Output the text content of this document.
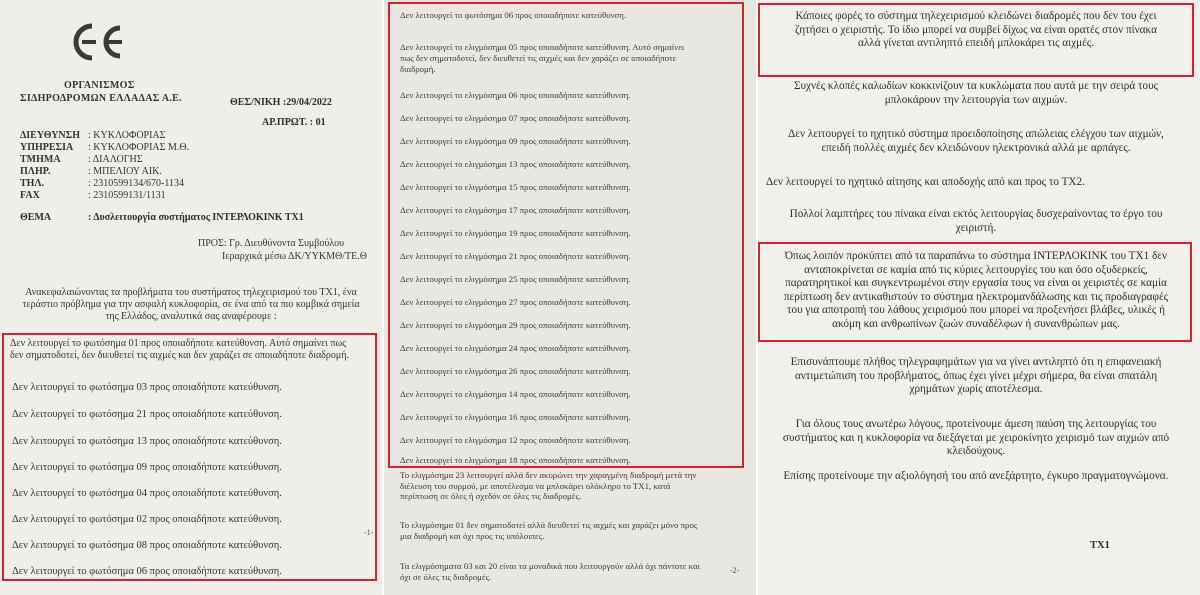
ΟΡΓΑΝΙΣΜΟΣ
ΣΙΔΗΡΟΔΡΟΜΩΝ ΕΛΛΑΔΑΣ Α.Ε.	ΘΕΣ/ΝΙΚΗ :29/04/2022
ΑΡ.ΠΡΩΤ. : 01
ΔΙΕΥΘΥΝΣΗ : ΚΥΚΛΟΦΟΡΙΑΣ
ΥΠΗΡΕΣΙΑ : ΚΥΚΛΟΦΟΡΙΑΣ Μ.Θ.
ΤΜΗΜΑ	: ΔΙΑΛΟΓΗΣ
ΠΛΗΡ.	: ΜΠΕΛΙΟΥ ΑΙΚ.
ΤΗΛ.	: 2310599134/670-1134
FAX	: 2310599131/1131
ΘΕΜΑ	: Δυσλειτουργία συστήματος ΙΝΤΕΡΛΟΚΙΝΚ ΤΧ1
ΠΡΟΣ: Γρ. Διευθύνοντα Συμβούλου
Ιεραρχικά μέσω ΔΚ/ΥΥΚΜΘ/ΤΕ.Θ
Ανακεφαλαιώνοντας τα προβλήματα του συστήματος τηλεχειρισμού του ΤΧ1, ένα
τεράστιο πρόβλημα για την ασφαλή κυκλοφορία, σε ένα από τα πιο κομβικά σημεία
της Ελλάδος, αναλυτικά σας αναφέρουμε :
Δεν λειτουργεί το φωτόσημα 01 προς οποιαδήποτε κατεύθυνση. Αυτό σημαίνει πως
δεν σηματοδοτεί, δεν διευθετεί τις αιχμές και δεν χαράζει σε οποιαδήποτε διαδρομή.
Δεν λειτουργεί το φωτόσημα 03 προς οποιαδήποτε κατεύθυνση.
Δεν λειτουργεί το φωτόσημα 21 προς οποιαδήποτε κατεύθυνση.
Δεν λειτουργεί το φωτόσημα 13 προς οποιαδήποτε κατεύθυνση.
Δεν λειτουργεί το φωτόσημα 09 προς οποιαδήποτε κατεύθυνση.
Δεν λειτουργεί το φωτόσημα 04 προς οποιαδήποτε κατεύθυνση.
Δεν λειτουργεί το φωτόσημα 02 προς οποιαδήποτε κατεύθυνση.
Δεν λειτουργεί το φωτόσημα 08 προς οποιαδήποτε κατεύθυνση.
Δεν λειτουργεί το φωτόσημα 06 προς οποιαδήποτε κατεύθυνση.
-1-
Δεν λειτουργεί το φωτόσημα 06 προς οποιαδήποτε κατεύθυνση.
Δεν λειτουργεί το ελιγμόσημα 05 προς οποιαδήποτε κατεύθυνση. Αυτό σημαίνει
πως δεν σηματοδοτεί, δεν διευθετεί τις αιχμές και δεν χαράζει σε οποιαδήποτε
διαδρομή.
Δεν λειτουργεί το ελιγμόσημα 06 προς οποιαδήποτε κατεύθυνση.
Δεν λειτουργεί το ελιγμόσημα 07 προς οποιαδήποτε κατεύθυνση.
Δεν λειτουργεί το ελιγμόσημα 09 προς οποιαδήποτε κατεύθυνση.
Δεν λειτουργεί το ελιγμόσημα 13 προς οποιαδήποτε κατεύθυνση.
Δεν λειτουργεί το ελιγμόσημα 15 προς οποιαδήποτε κατεύθυνση.
Δεν λειτουργεί το ελιγμόσημα 17 προς οποιαδήποτε κατεύθυνση.
Δεν λειτουργεί το ελιγμόσημα 19 προς οποιαδήποτε κατεύθυνση.
Δεν λειτουργεί το ελιγμόσημα 21 προς οποιαδήποτε κατεύθυνση.
Δεν λειτουργεί το ελιγμόσημα 25 προς οποιαδήποτε κατεύθυνση.
Δεν λειτουργεί το ελιγμόσημα 27 προς οποιαδήποτε κατεύθυνση.
Δεν λειτουργεί το ελιγμόσημα 29 προς οποιαδήποτε κατεύθυνση.
Δεν λειτουργεί το ελιγμόσημα 24 προς οποιαδήποτε κατεύθυνση.
Δεν λειτουργεί το ελιγμόσημα 26 προς οποιαδήποτε κατεύθυνση.
Δεν λειτουργεί το ελιγμόσημα 14 προς οποιαδήποτε κατεύθυνση.
Δεν λειτουργεί το ελιγμόσημα 16 προς οποιαδήποτε κατεύθυνση.
Δεν λειτουργεί το ελιγμόσημα 12 προς οποιαδήποτε κατεύθυνση.
Δεν λειτουργεί το ελιγμόσημα 18 προς οποιαδήποτε κατεύθυνση.
Το ελιγμόσημα 23 λειτουργεί αλλά δεν ακυρώνει την χαραγμένη διαδρομή μετά την
διέλευση του συρμού, με αποτέλεσμα να μπλοκάρει ολόκληρο το ΤΧ1, κατά
περίπτωση σε όλες ή σχεδόν σε όλες τις διαδρομές.
Το ελιγμόσημα 01 δεν σηματοδοτεί αλλά διευθετεί τις αιχμές και χαράζει μόνο προς
μια διαδρομή και όχι προς τις υπόλοιπες.
Τα ελιγμόσηματα 03 και 20 είναι τα μοναδικά που λειτουργούν αλλά όχι πάντοτε και
όχι σε όλες τις διαδρομές.
-2-
Κάποιες φορές το σύστημα τηλεχειρισμού κλειδώνει διαδρομές που δεν του έχει
ζητήσει ο χειριστής. Το ίδιο μπορεί να συμβεί δίχως να είναι ορατές στον πίνακα
αλλά γίνεται αντιληπτό επειδή μπλοκάρει τις αιχμές.
Συχνές κλοπές καλωδίων κοκκινίζουν τα κυκλώματα που αυτά με την σειρά τους
μπλοκάρουν την λειτουργία των αιχμών.
Δεν λειτουργεί το ηχητικό σύστημα προειδοποίησης απώλειας ελέγχου των αιχμών,
επειδή πολλές αιχμές δεν κλειδώνουν ηλεκτρονικά αλλά με αρπάγες.
Δεν λειτουργεί το ηχητικό αίτησης και αποδοχής από και προς το ΤΧ2.
Πολλοί λαμπτήρες του πίνακα είναι εκτός λειτουργίας δυσχεραίνοντας το έργο του
χειριστή.
Όπως λοιπόν προκύπτει από τα παραπάνω το σύστημα ΙΝΤΕΡΛΟΚΙΝΚ του ΤΧ1 δεν
ανταποκρίνεται σε καμία από τις κύριες λειτουργίες του και όσο οξυδερκείς,
παρατηρητικοί και συγκεντρωμένοι στην εργασία τους να είναι οι χειριστές σε καμία
περίπτωση δεν αντικαθιστούν το σύστημα ηλεκτρομανδάλωσης και τις προδιαγραφές
του για αποτροπή του λάθους χειρισμού που μπορεί να προξενήσει βλάβες, υλικές ή
ακόμη και ανθρωπίνων ζωών συναδέλφων ή συνανθρώπων μας.
Επισυνάπτουμε πλήθος τηλεγραφημάτων για να γίνει αντιληπτό ότι η επιφανειακή
αντιμετώπιση του προβλήματος, όπως έχει γίνει μέχρι σήμερα, θα είναι σπατάλη
χρημάτων χωρίς αποτέλεσμα.
Για όλους τους ανωτέρω λόγους, προτείνουμε άμεση παύση της λειτουργίας του
συστήματος και η κυκλοφορία να διεξάγεται με χειροκίνητο χειρισμό των αιχμών από
κλειδούχους.
Επίσης προτείνουμε την αξιολόγησή του από ανεξάρτητο, έγκυρο πραγματογνώμονα.
ΤΧ1
